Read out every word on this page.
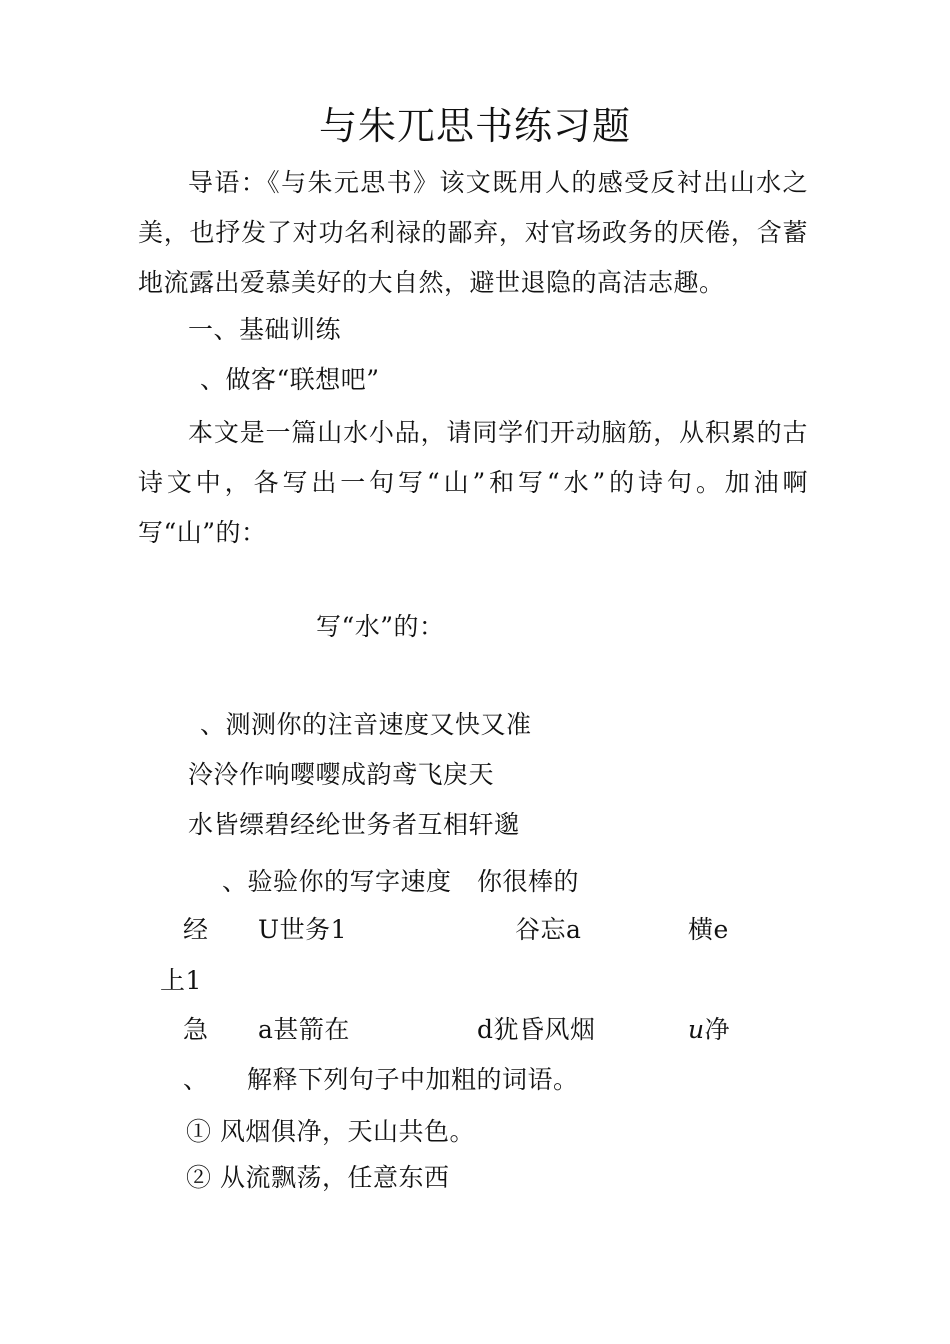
与朱兀思书练习题
导语：《与朱元思书》该文既用人的感受反衬出山水之美，也抒发了对功名利禄的鄙弃，对官场政务的厌倦，含蓄地流露出爱慕美好的大自然，避世退隐的高洁志趣。
一、基础训练
、做客“联想吧”
本文是一篇山水小品，请同学们开动脑筋，从积累的古诗文中，各写出一句写“山”和写“水”的诗句。加油啊写“山”的：
写“水”的：
、测测你的注音速度又快又准
泠泠作响嘤嘤成韵鸢飞戾天
水皆缥碧经纶世务者互相轩邈
、验验你的写字速度　你很棒的
经 U世务1	谷忘a	横e
上1
急 a甚箭在	d犹昏风烟	u净
、　　解释下列句子中加粗的词语。
① 风烟俱净，天山共色。
② 从流飘荡，任意东西
